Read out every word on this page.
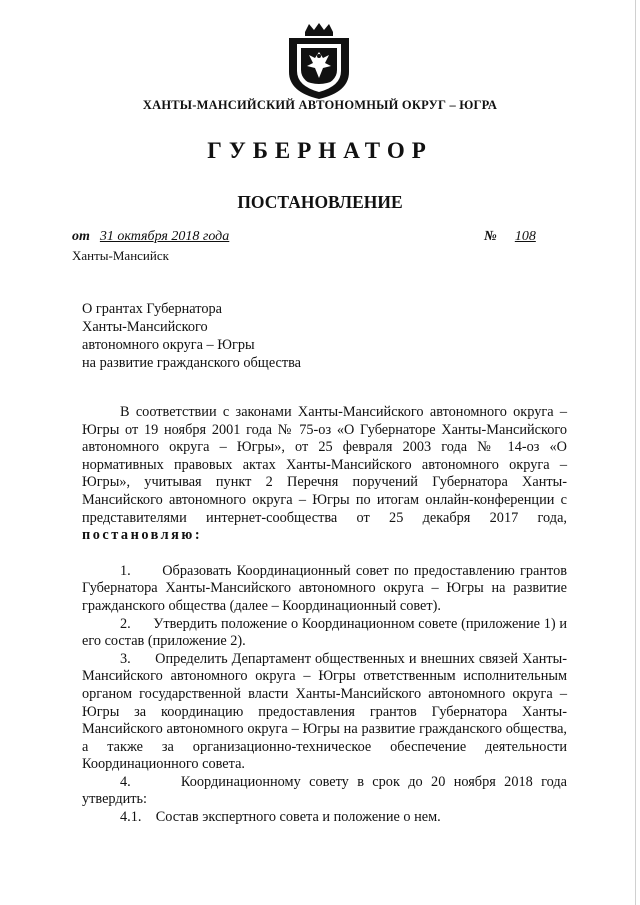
ХАНТЫ-МАНСИЙСКИЙ АВТОНОМНЫЙ ОКРУГ – ЮГРА
ГУБЕРНАТОР
ПОСТАНОВЛЕНИЕ
от 31 октября 2018 года	№ 108
Ханты-Мансийск
О грантах Губернатора
Ханты-Мансийского
автономного округа – Югры
на развитие гражданского общества

В соответствии с законами Ханты-Мансийского автономного округа – Югры от 19 ноября 2001 года № 75-оз «О Губернаторе Ханты-Мансийского автономного округа – Югры», от 25 февраля 2003 года № 14-оз «О нормативных правовых актах Ханты-Мансийского автономного округа – Югры», учитывая пункт 2 Перечня поручений Губернатора Ханты-Мансийского автономного округа – Югры по итогам онлайн-конференции с представителями интернет-сообщества от 25 декабря 2017 года, постановляю:

1. Образовать Координационный совет по предоставлению грантов Губернатора Ханты-Мансийского автономного округа – Югры на развитие гражданского общества (далее – Координационный совет).

2. Утвердить положение о Координационном совете (приложение 1) и его состав (приложение 2).

3. Определить Департамент общественных и внешних связей Ханты-Мансийского автономного округа – Югры ответственным исполнительным органом государственной власти Ханты-Мансийского автономного округа – Югры за координацию предоставления грантов Губернатора Ханты-Мансийского автономного округа – Югры на развитие гражданского общества, а также за организационно-техническое обеспечение деятельности Координационного совета.

4.	Координационному совету в срок до 20 ноября 2018 года утвердить:

4.1. Состав экспертного совета и положение о нем.
